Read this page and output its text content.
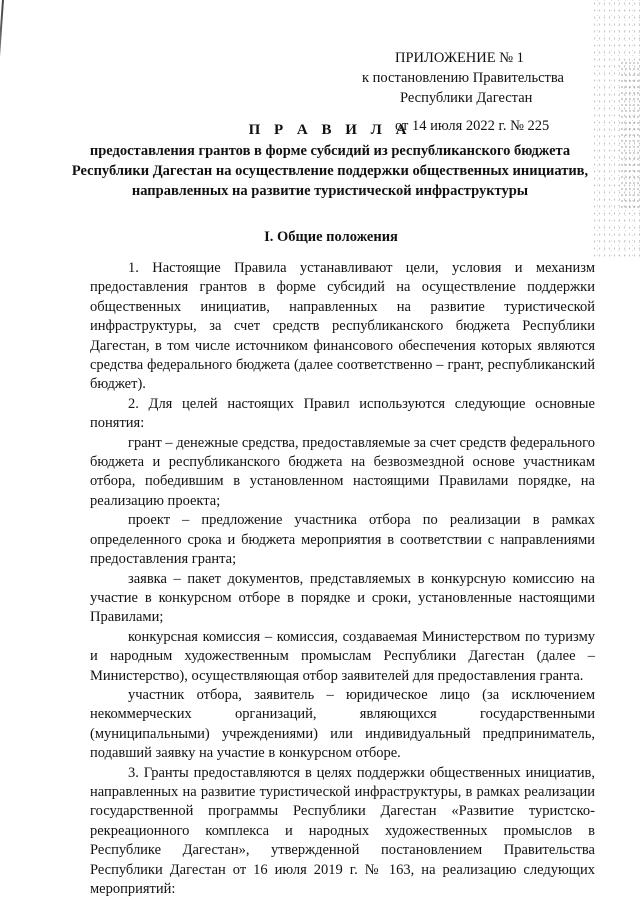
ПРИЛОЖЕНИЕ № 1
к постановлению Правительства
Республики Дагестан
от 14 июля 2022 г. № 225
П Р А В И Л А
предоставления грантов в форме субсидий из республиканского бюджета Республики Дагестан на осуществление поддержки общественных инициатив, направленных на развитие туристической инфраструктуры
I. Общие положения

1. Настоящие Правила устанавливают цели, условия и механизм предоставления грантов в форме субсидий на осуществление поддержки общественных инициатив, направленных на развитие туристической инфраструктуры, за счет средств республиканского бюджета Республики Дагестан, в том числе источником финансового обеспечения которых являются средства федерального бюджета (далее соответственно – грант, республиканский бюджет).

2. Для целей настоящих Правил используются следующие основные понятия:

грант – денежные средства, предоставляемые за счет средств федерального бюджета и республиканского бюджета на безвозмездной основе участникам отбора, победившим в установленном настоящими Правилами порядке, на реализацию проекта;

проект – предложение участника отбора по реализации в рамках определенного срока и бюджета мероприятия в соответствии с направлениями предоставления гранта;

заявка – пакет документов, представляемых в конкурсную комиссию на участие в конкурсном отборе в порядке и сроки, установленные настоящими Правилами;

конкурсная комиссия – комиссия, создаваемая Министерством по туризму и народным художественным промыслам Республики Дагестан (далее – Министерство), осуществляющая отбор заявителей для предоставления гранта.

участник отбора, заявитель – юридическое лицо (за исключением некоммерческих организаций, являющихся государственными (муниципальными) учреждениями) или индивидуальный предприниматель, подавший заявку на участие в конкурсном отборе.

3. Гранты предоставляются в целях поддержки общественных инициатив, направленных на развитие туристической инфраструктуры, в рамках реализации государственной программы Республики Дагестан «Развитие туристско-рекреационного комплекса и народных художественных промыслов в Республике Дагестан», утвержденной постановлением Правительства Республики Дагестан от 16 июля 2019 г. № 163, на реализацию следующих мероприятий:
